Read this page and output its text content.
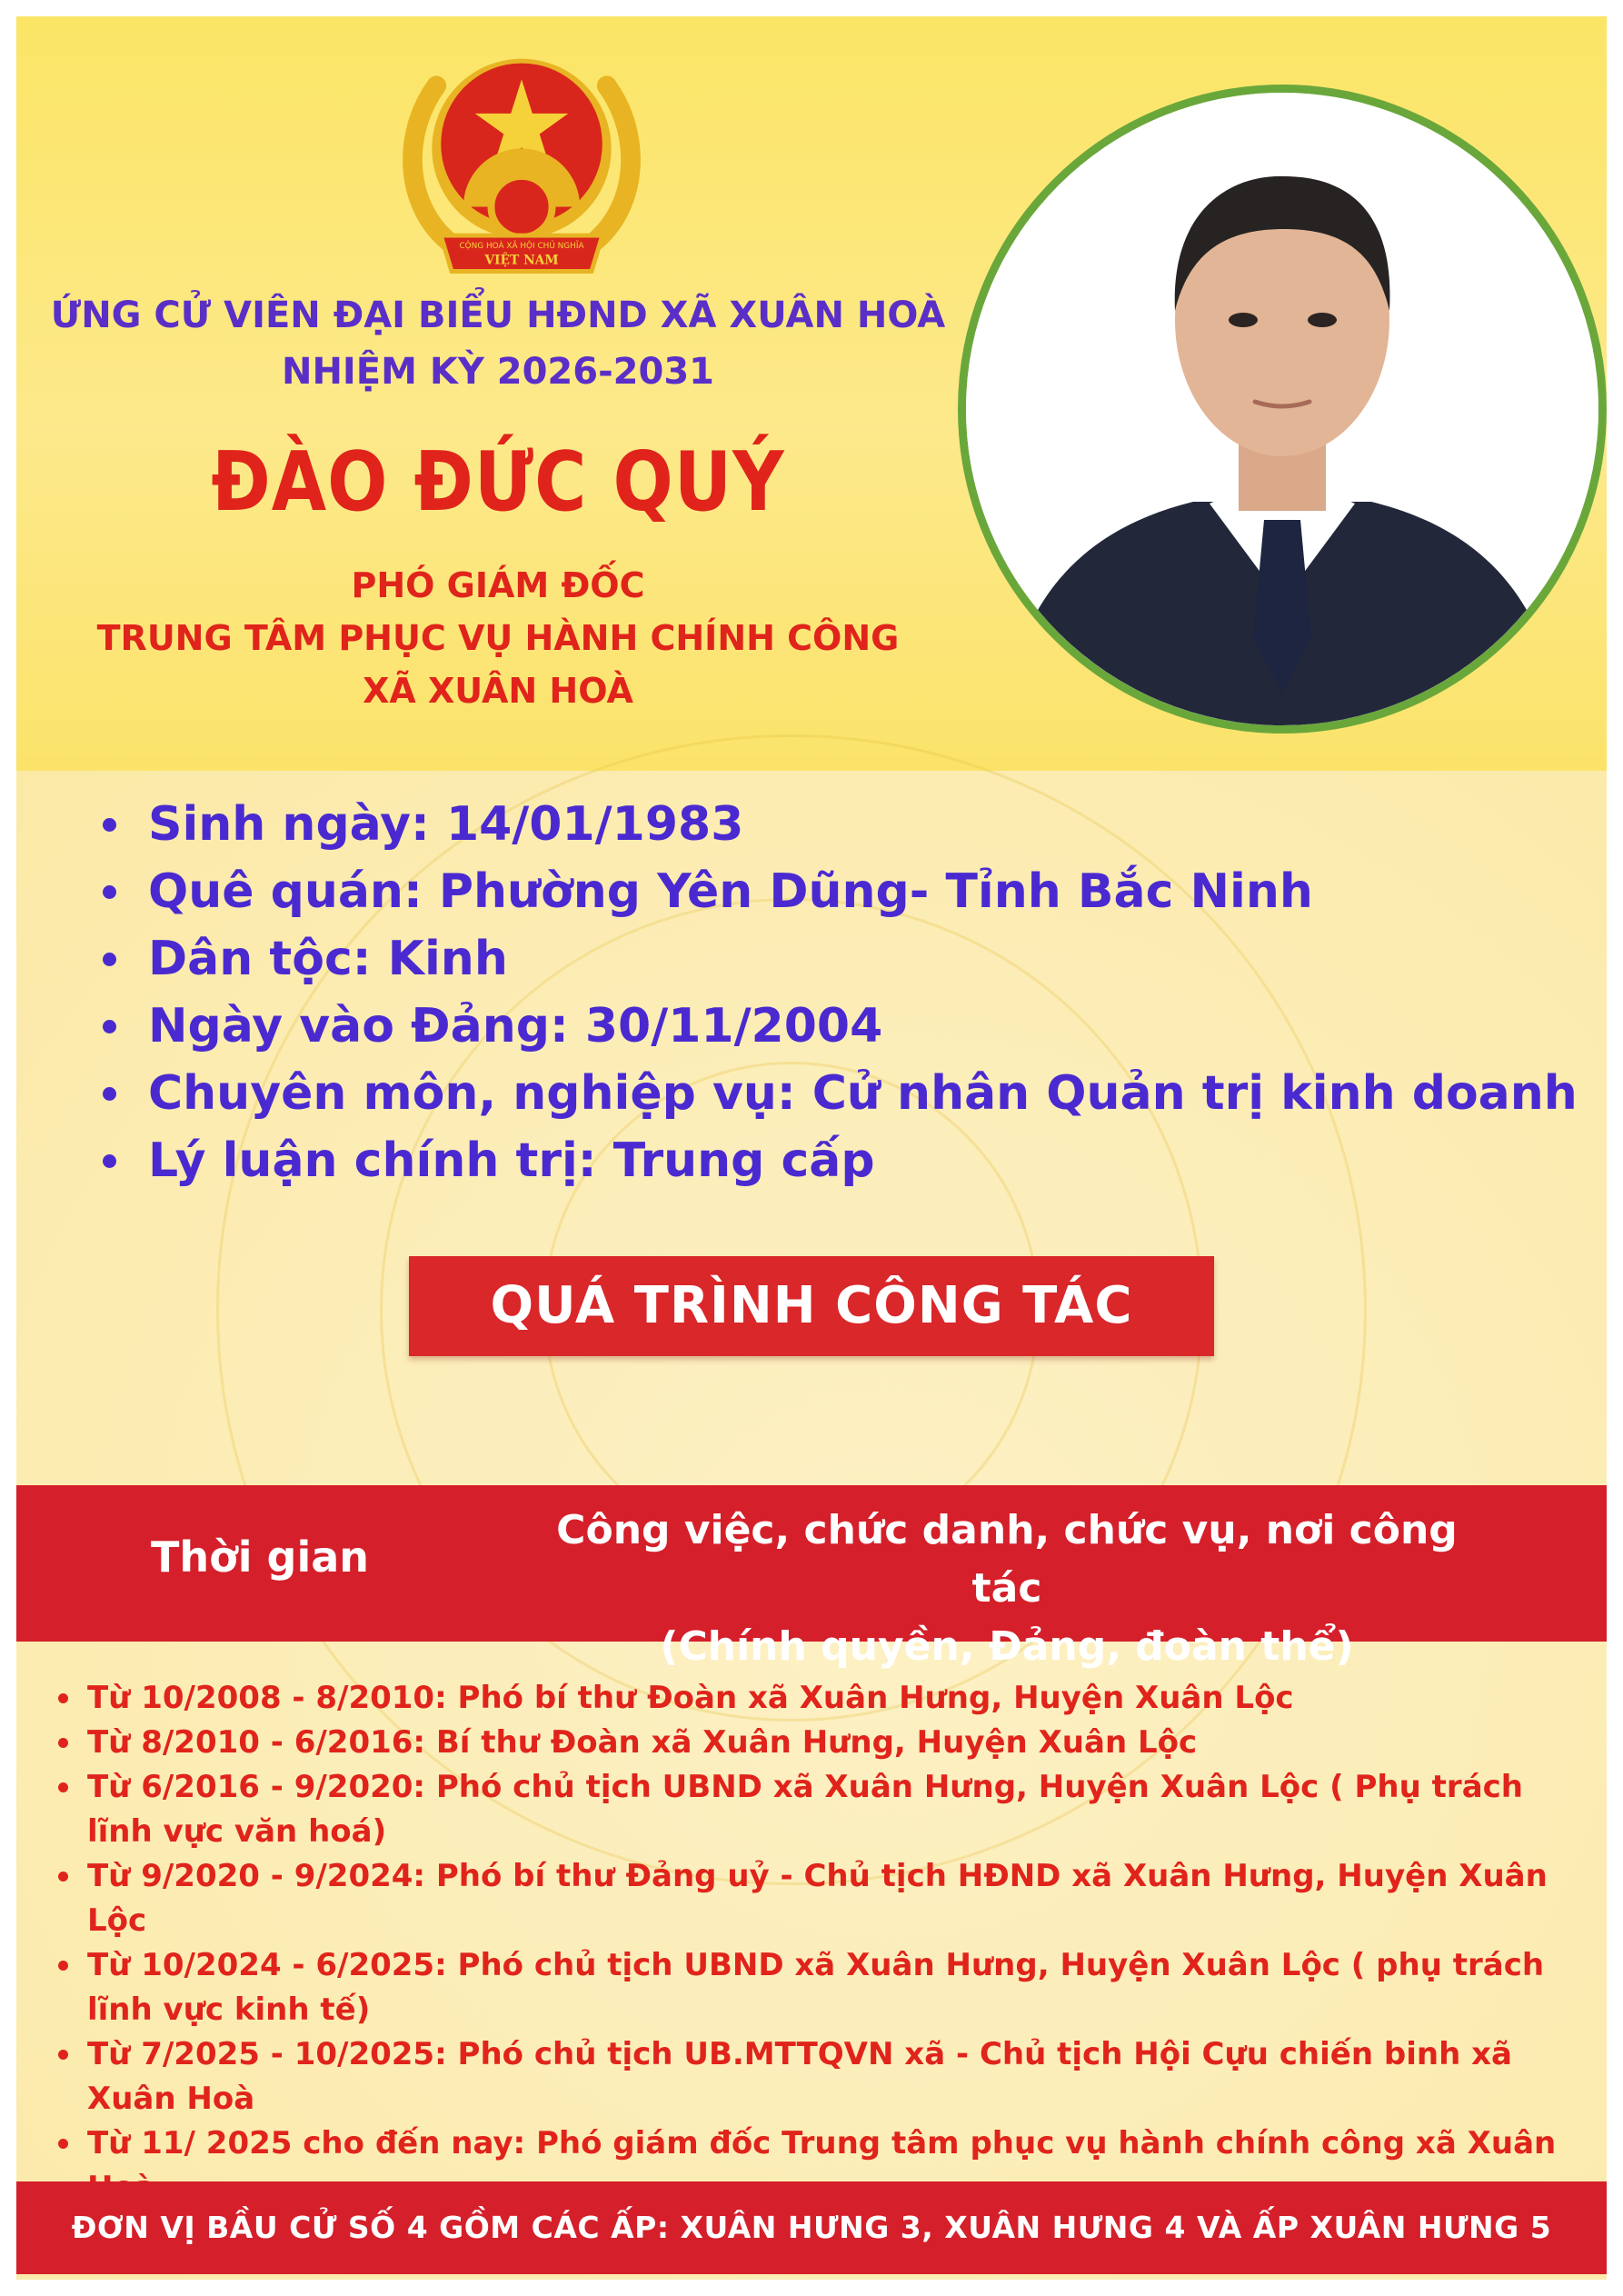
CỘNG HOÀ XÃ HỘI CHỦ NGHĨA
VIỆT NAM

ỨNG CỬ VIÊN ĐẠI BIỂU HĐND XÃ XUÂN HOÀ

NHIỆM KỲ 2026-2031

ĐÀO ĐỨC QUÝ

PHÓ GIÁM ĐỐC

TRUNG TÂM PHỤC VỤ HÀNH CHÍNH CÔNG

XÃ XUÂN HOÀ

Sinh ngày: 14/01/1983
Quê quán: Phường Yên Dũng- Tỉnh Bắc Ninh
Dân tộc: Kinh
Ngày vào Đảng: 30/11/2004
Chuyên môn, nghiệp vụ: Cử nhân Quản trị kinh doanh
Lý luận chính trị: Trung cấp
QUÁ TRÌNH CÔNG TÁC
Thời gian
Công việc, chức danh, chức vụ, nơi công tác
(Chính quyền, Đảng, đoàn thể)
Từ 10/2008 - 8/2010: Phó bí thư Đoàn xã Xuân Hưng, Huyện Xuân Lộc
Từ 8/2010 - 6/2016: Bí thư Đoàn xã Xuân Hưng, Huyện Xuân Lộc
Từ 6/2016 - 9/2020: Phó chủ tịch UBND xã Xuân Hưng, Huyện Xuân Lộc ( Phụ trách lĩnh vực văn hoá)
Từ 9/2020 - 9/2024: Phó bí thư Đảng uỷ - Chủ tịch HĐND xã Xuân Hưng, Huyện Xuân Lộc
Từ 10/2024 - 6/2025: Phó chủ tịch UBND xã Xuân Hưng, Huyện Xuân Lộc ( phụ trách lĩnh vực kinh tế)
Từ 7/2025 - 10/2025: Phó chủ tịch UB.MTTQVN xã - Chủ tịch Hội Cựu chiến binh xã Xuân Hoà
Từ 11/ 2025 cho đến nay: Phó giám đốc Trung tâm phục vụ hành chính công xã Xuân
ĐƠN VỊ BẦU CỬ SỐ 4 GỒM CÁC ẤP: XUÂN HƯNG 3, XUÂN HƯNG 4 VÀ ẤP XUÂN HƯNG 5
